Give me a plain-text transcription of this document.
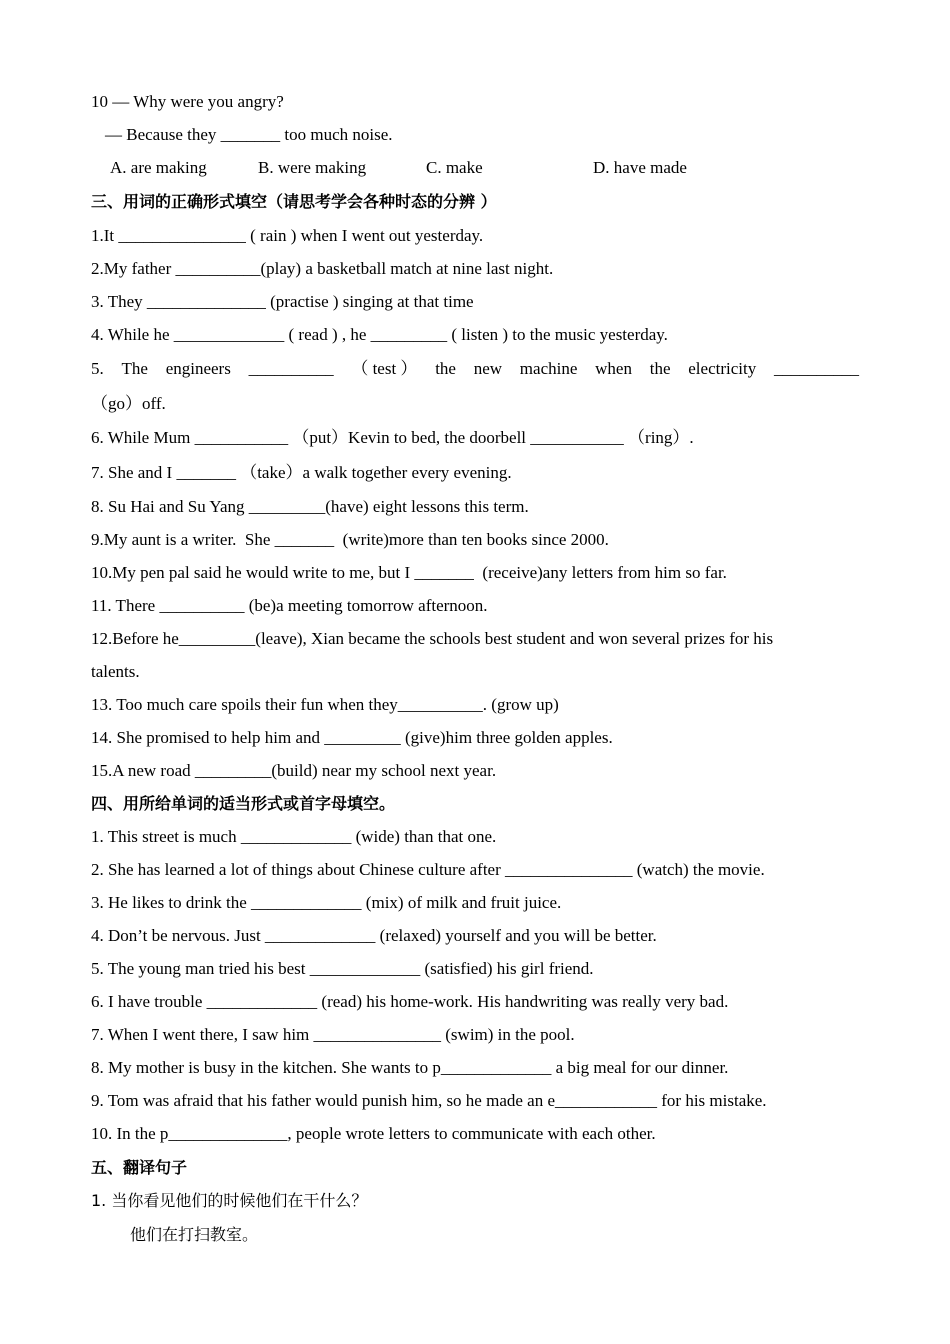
10 — Why were you angry?
— Because they _______ too much noise.
A. are making	B. were making	C. make	D. have made
三、用词的正确形式填空（请思考学会各种时态的分辨 ）
1.It _______________ ( rain ) when I went out yesterday.
2.My father __________(play) a basketball match at nine last night.
3. They ______________ (practise ) singing at that time
4. While he _____________ ( read ) , he _________ ( listen ) to the music yesterday.
5. The engineers __________ （ test ） the new machine when the electricity __________
（go）off.
6. While Mum ___________ （put）Kevin to bed, the doorbell ___________ （ring）.
7. She and I _______ （take）a walk together every evening.
8. Su Hai and Su Yang _________(have) eight lessons this term.
9.My aunt is a writer.  She _______  (write)more than ten books since 2000.
10.My pen pal said he would write to me, but I _______  (receive)any letters from him so far.
11. There __________ (be)a meeting tomorrow afternoon.
12.Before he_________(leave), Xian became the schools best student and won several prizes for his
talents.
13. Too much care spoils their fun when they__________. (grow up)
14. She promised to help him and _________ (give)him three golden apples.
15.A new road _________(build) near my school next year.
四、用所给单词的适当形式或首字母填空。
1. This street is much _____________ (wide) than that one.
2. She has learned a lot of things about Chinese culture after _______________ (watch) the movie.
3. He likes to drink the _____________ (mix) of milk and fruit juice.
4. Don’t be nervous. Just _____________ (relaxed) yourself and you will be better.
5. The young man tried his best _____________ (satisfied) his girl friend.
6. I have trouble _____________ (read) his home-work. His handwriting was really very bad.
7. When I went there, I saw him _______________ (swim) in the pool.
8. My mother is busy in the kitchen. She wants to p_____________ a big meal for our dinner.
9. Tom was afraid that his father would punish him, so he made an e____________ for his mistake.
10. In the p______________, people wrote letters to communicate with each other.
五、翻译句子
1. 当你看见他们的时候他们在干什么？
他们在打扫教室。
